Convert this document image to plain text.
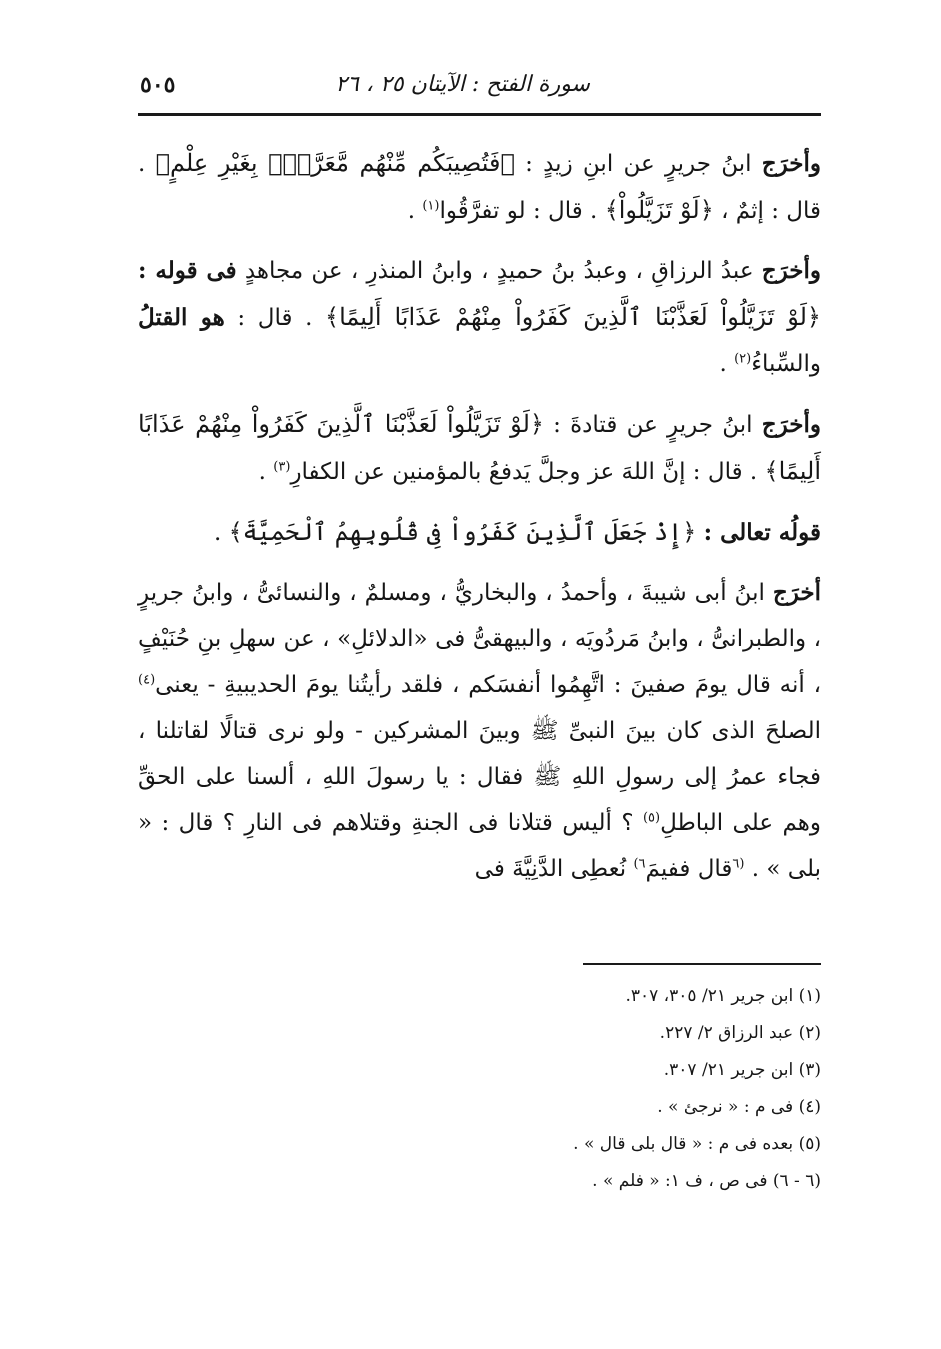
سورة الفتح : الآيتان ٢٥ ، ٢٦
٥٠٥

وأخرَج ابنُ جريرٍ عن ابنِ زيدٍ : ﴿فَتُصِيبَكُم مِّنْهُم مَّعَرَّةُۢ بِغَيْرِ عِلْمٍ﴾ . قال : إثمٌ ، ﴿لَوْ تَزَيَّلُواْ﴾ . قال : لو تفرَّقُوا$^{(١)}$ .

وأخرَج عبدُ الرزاقِ ، وعبدُ بنُ حميدٍ ، وابنُ المنذرِ ، عن مجاهدٍ فى قوله : ﴿لَوْ تَزَيَّلُواْ لَعَذَّبْنَا ٱلَّذِينَ كَفَرُواْ مِنْهُمْ عَذَابًا أَلِيمًا﴾ . قال : هو القتلُ والسِّباءُ$^{(٢)}$ .

وأخرَج ابنُ جريرٍ عن قتادةَ : ﴿لَوْ تَزَيَّلُواْ لَعَذَّبْنَا ٱلَّذِينَ كَفَرُواْ مِنْهُمْ عَذَابًا أَلِيمًا﴾ . قال : إنَّ اللهَ عز وجلَّ يَدفعُ بالمؤمنين عن الكفارِ$^{(٣)}$ .

قولُه تعالى : ﴿إِذْ جَعَلَ ٱلَّذِينَ كَفَرُواْ فِى قُلُوبِهِمُ ٱلْحَمِيَّةَ﴾ .

أخرَج ابنُ أبى شيبةَ ، وأحمدُ ، والبخاريُّ ، ومسلمٌ ، والنسائىُّ ، وابنُ جريرٍ ، والطبرانىُّ ، وابنُ مَردُويَه ، والبيهقىُّ فى «الدلائلِ» ، عن سهلِ بنِ حُنَيْفٍ ، أنه قال يومَ صفينَ : اتَّهِمُوا أنفسَكم ، فلقد رأيتُنا يومَ الحديبيةِ - يعنى$^{(٤)}$ الصلحَ الذى كان بينَ النبىِّ ﷺ وبينَ المشركين - ولو نرى قتالًا لقاتلنا ، فجاء عمرُ إلى رسولِ اللهِ ﷺ فقال : يا رسولَ اللهِ ، ألسنا على الحقِّ وهم على الباطلِ$^{(٥)}$ ؟ أليس قتلانا فى الجنةِ وقتلاهم فى النارِ ؟ قال : « بلى » . $^{(٦}$قال ففيمَ$^{٦)}$ نُعطِى الدَّنِيَّةَ فى

(١) ابن جرير ٢١/ ٣٠٥، ٣٠٧.

(٢) عبد الرزاق ٢/ ٢٢٧.

(٣) ابن جرير ٢١/ ٣٠٧.

(٤) فى م : « نرجئ » .

(٥) بعده فى م : « قال بلى قال » .

(٦ - ٦) فى ص ، ف ١: « فلم » .
